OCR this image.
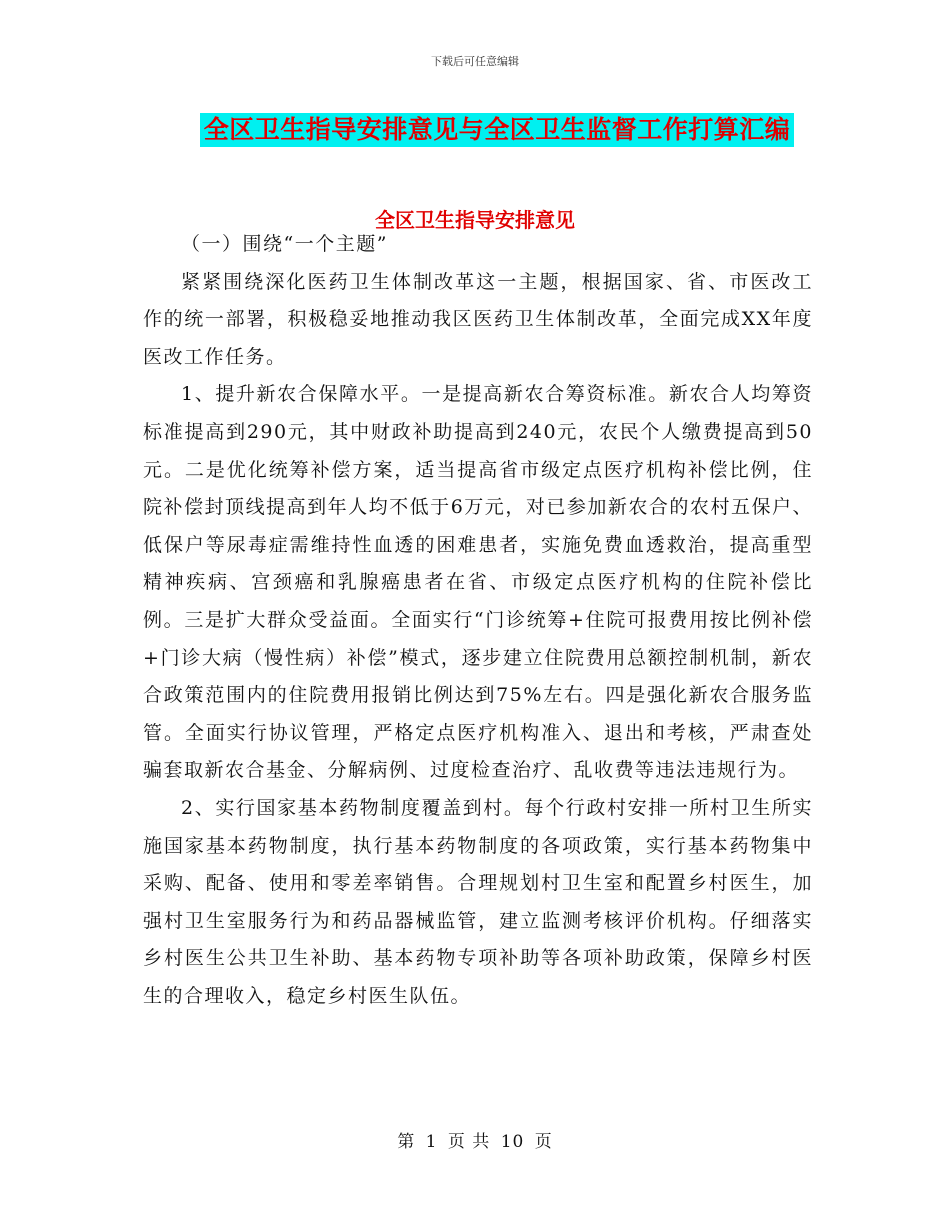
下载后可任意编辑
全区卫生指导安排意见与全区卫生监督工作打算汇编
全区卫生指导安排意见

（一）围绕“一个主题”

紧紧围绕深化医药卫生体制改革这一主题，根据国家、省、市医改工作的统一部署，积极稳妥地推动我区医药卫生体制改革，全面完成XX年度医改工作任务。

1、提升新农合保障水平。一是提高新农合筹资标准。新农合人均筹资标准提高到290元，其中财政补助提高到240元，农民个人缴费提高到50元。二是优化统筹补偿方案，适当提高省市级定点医疗机构补偿比例，住院补偿封顶线提高到年人均不低于6万元，对已参加新农合的农村五保户、低保户等尿毒症需维持性血透的困难患者，实施免费血透救治，提高重型精神疾病、宫颈癌和乳腺癌患者在省、市级定点医疗机构的住院补偿比例。三是扩大群众受益面。全面实行“门诊统筹+住院可报费用按比例补偿+门诊大病（慢性病）补偿”模式，逐步建立住院费用总额控制机制，新农合政策范围内的住院费用报销比例达到75%左右。四是强化新农合服务监管。全面实行协议管理，严格定点医疗机构准入、退出和考核，严肃查处骗套取新农合基金、分解病例、过度检查治疗、乱收费等违法违规行为。

2、实行国家基本药物制度覆盖到村。每个行政村安排一所村卫生所实施国家基本药物制度，执行基本药物制度的各项政策，实行基本药物集中采购、配备、使用和零差率销售。合理规划村卫生室和配置乡村医生，加强村卫生室服务行为和药品器械监管，建立监测考核评价机构。仔细落实乡村医生公共卫生补助、基本药物专项补助等各项补助政策，保障乡村医生的合理收入，稳定乡村医生队伍。

第 1 页 共 10 页
